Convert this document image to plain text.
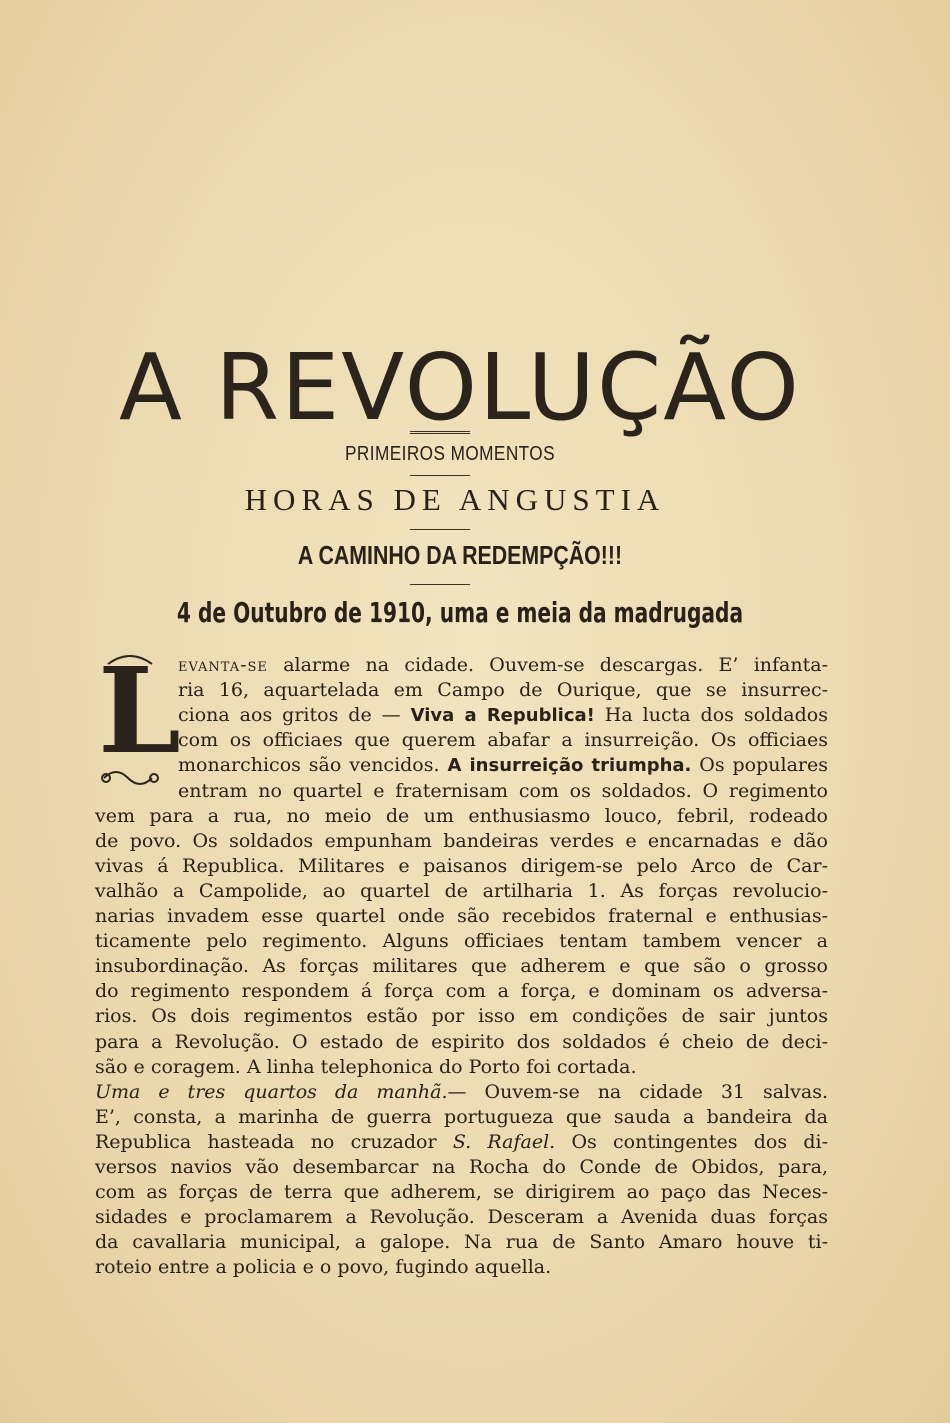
A REVOLUÇÃO
PRIMEIROS MOMENTOS
HORAS DE ANGUSTIA
A CAMINHO DA REDEMPÇÃO!!!
4 de Outubro de 1910, uma e meia da madrugada
L
evanta-se alarme na cidade. Ouvem-se descargas. E’ infanta-
ria 16, aquartelada em Campo de Ourique, que se insurrec-
ciona aos gritos de — Viva a Republica! Ha lucta dos soldados
com os officiaes que querem abafar a insurreição. Os officiaes
monarchicos são vencidos. A insurreição triumpha. Os populares
entram no quartel e fraternisam com os soldados. O regimento
vem para a rua, no meio de um enthusiasmo louco, febril, rodeado
de povo. Os soldados empunham bandeiras verdes e encarnadas e dão
vivas á Republica. Militares e paisanos dirigem-se pelo Arco de Car-
valhão a Campolide, ao quartel de artilharia 1. As forças revolucio-
narias invadem esse quartel onde são recebidos fraternal e enthusias-
ticamente pelo regimento. Alguns officiaes tentam tambem vencer a
insubordinação. As forças militares que adherem e que são o grosso
do regimento respondem á força com a força, e dominam os adversa-
rios. Os dois regimentos estão por isso em condições de sair juntos
para a Revolução. O estado de espirito dos soldados é cheio de deci-
são e coragem. A linha telephonica do Porto foi cortada.
Uma e tres quartos da manhã.— Ouvem-se na cidade 31 salvas.
E’, consta, a marinha de guerra portugueza que sauda a bandeira da
Republica hasteada no cruzador S. Rafael. Os contingentes dos di-
versos navios vão desembarcar na Rocha do Conde de Obidos, para,
com as forças de terra que adherem, se dirigirem ao paço das Neces-
sidades e proclamarem a Revolução. Desceram a Avenida duas forças
da cavallaria municipal, a galope. Na rua de Santo Amaro houve ti-
roteio entre a policia e o povo, fugindo aquella.
